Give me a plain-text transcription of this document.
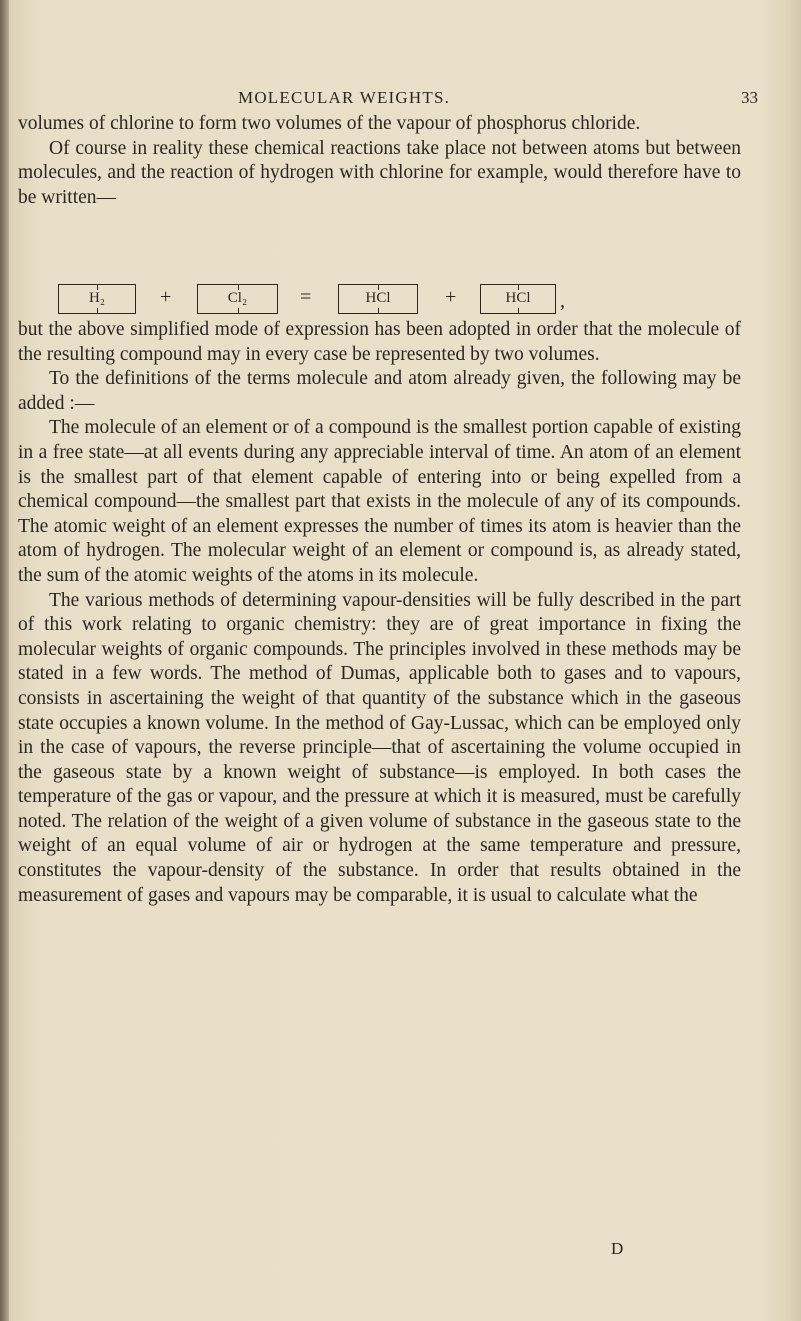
MOLECULAR WEIGHTS.	33

volumes of chlorine to form two volumes of the vapour of phosphorus chloride.

Of course in reality these chemical reactions take place not between atoms but between molecules, and the reaction of hydrogen with chlorine for example, would therefore have to be written—

H₂	+	Cl₂	=	HCl	+	HCl	,

but the above simplified mode of expression has been adopted in order that the molecule of the resulting compound may in every case be represented by two volumes.

To the definitions of the terms molecule and atom already given, the following may be added :—

The molecule of an element or of a compound is the smallest portion capable of existing in a free state—at all events during any appreciable interval of time. An atom of an element is the smallest part of that element capable of entering into or being expelled from a chemical compound—the smallest part that exists in the molecule of any of its compounds. The atomic weight of an element expresses the number of times its atom is heavier than the atom of hydrogen. The molecular weight of an element or compound is, as already stated, the sum of the atomic weights of the atoms in its molecule.

The various methods of determining vapour-densities will be fully described in the part of this work relating to organic chemistry: they are of great importance in fixing the molecular weights of organic compounds. The principles involved in these methods may be stated in a few words. The method of Dumas, applicable both to gases and to vapours, consists in ascertaining the weight of that quantity of the substance which in the gaseous state occupies a known volume. In the method of Gay-Lussac, which can be employed only in the case of vapours, the reverse principle—that of ascertaining the volume occupied in the gaseous state by a known weight of substance—is employed. In both cases the temperature of the gas or vapour, and the pressure at which it is measured, must be carefully noted. The relation of the weight of a given volume of substance in the gaseous state to the weight of an equal volume of air or hydrogen at the same temperature and pressure, constitutes the vapour-density of the substance. In order that results obtained in the measurement of gases and vapours may be comparable, it is usual to calculate what the

D
